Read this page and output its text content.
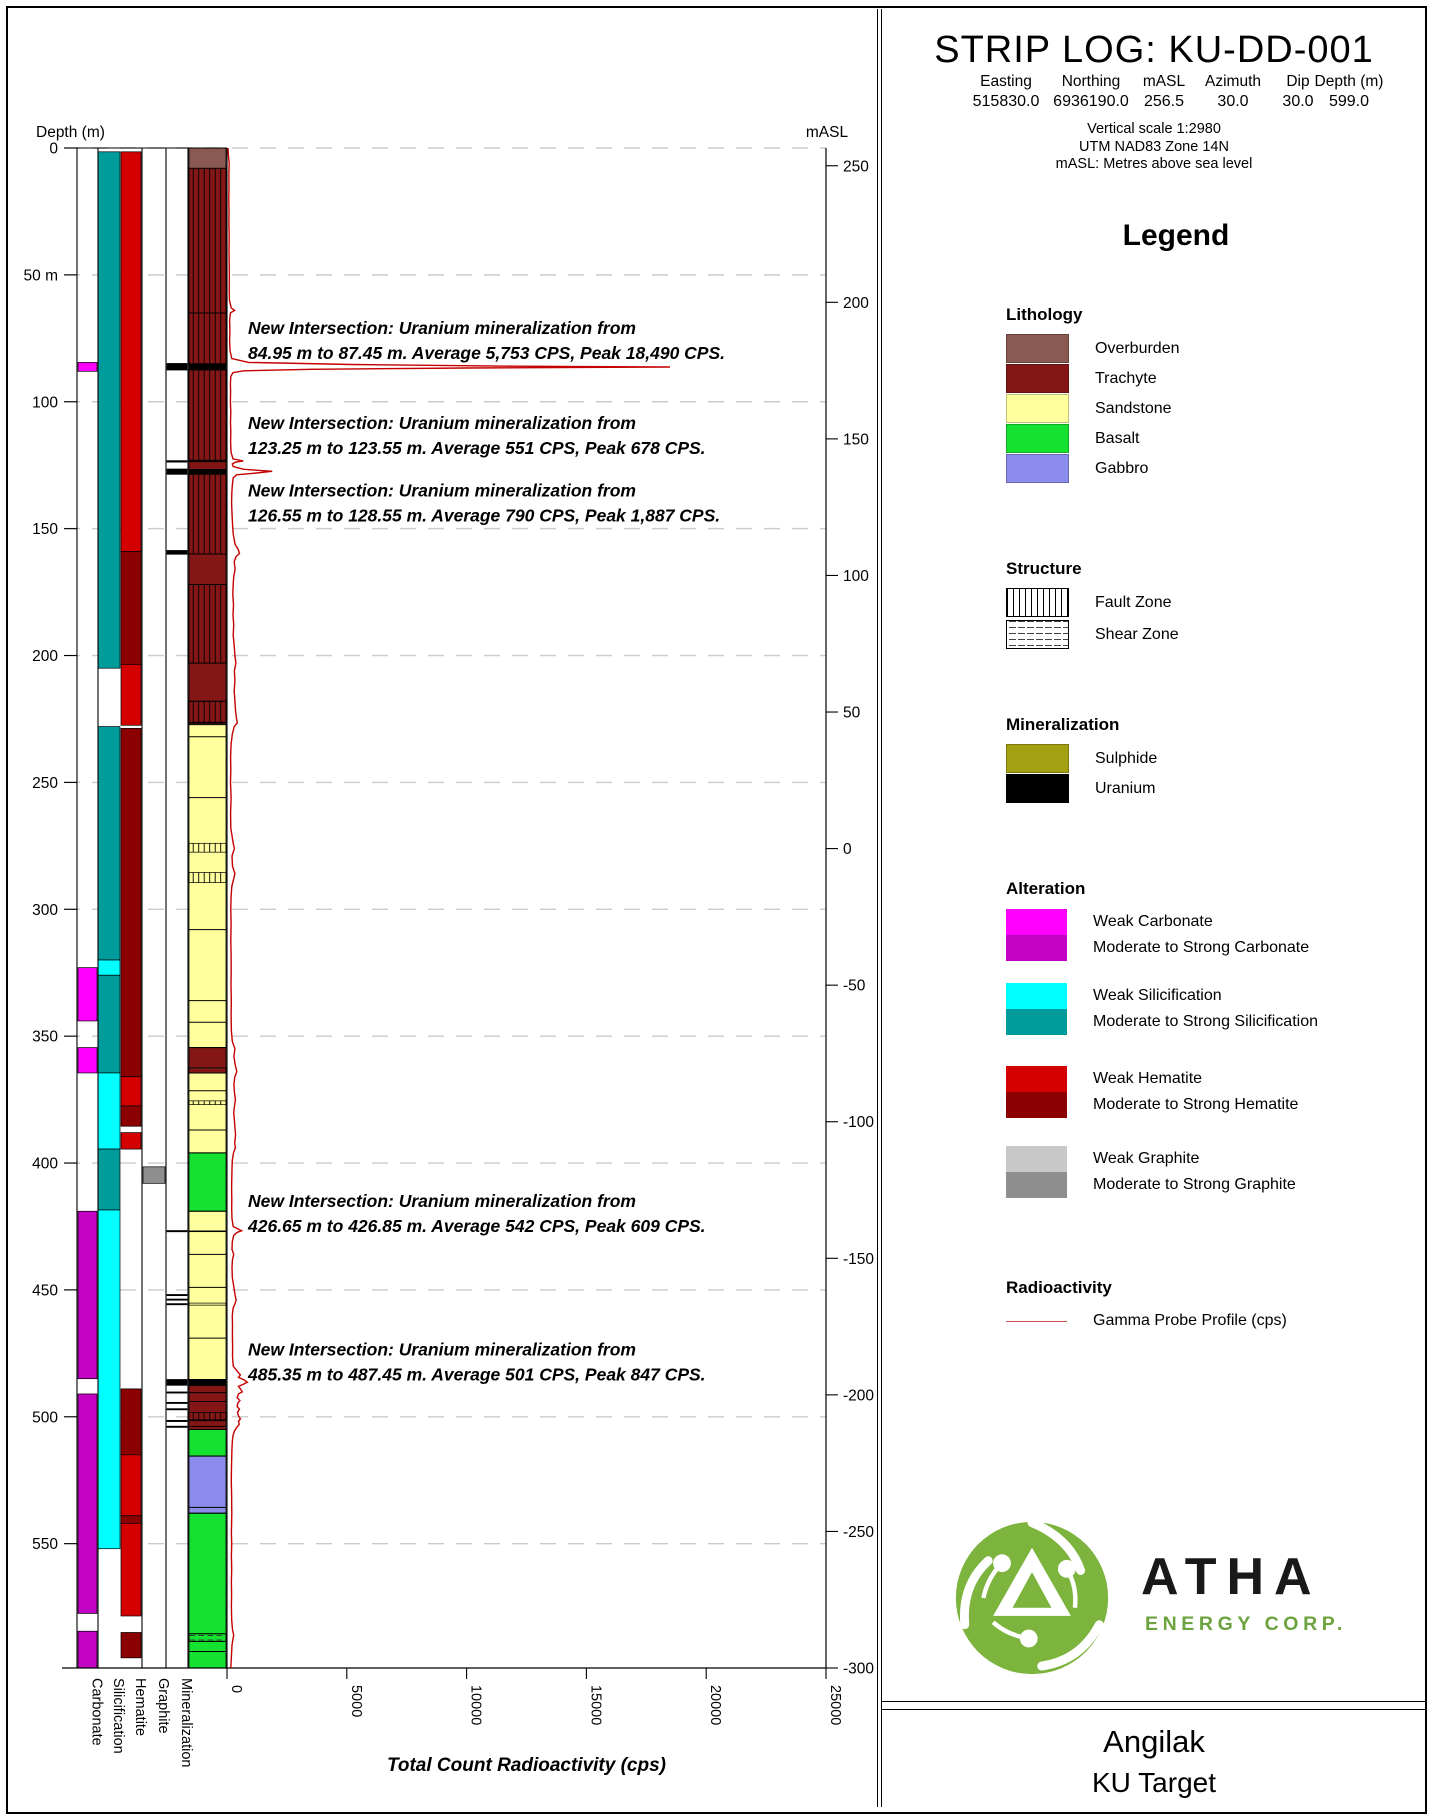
0
50 m
100
150
200
250
300
350
400
450
500
550
Depth (m)
250
200
150
100
50
0
-50
-100
-150
-200
-250
-300
mASL
0	5000	10000	15000	20000	25000
Total Count Radioactivity (cps)
Carbonate Silicification Hematite Graphite Mineralization
New Intersection: Uranium mineralization from 84.95 m to 87.45 m. Average 5,753 CPS, Peak 18,490 CPS.
New Intersection: Uranium mineralization from 123.25 m to 123.55 m. Average 551 CPS, Peak 678 CPS.
New Intersection: Uranium mineralization from 126.55 m to 128.55 m. Average 790 CPS, Peak 1,887 CPS.
New Intersection: Uranium mineralization from 426.65 m to 426.85 m. Average 542 CPS, Peak 609 CPS.
New Intersection: Uranium mineralization from 485.35 m to 487.45 m. Average 501 CPS, Peak 847 CPS.
STRIP LOG: KU-DD-001
Easting
515830.0
Northing
6936190.0
mASL
256.5
Azimuth
30.0
Dip
30.0
Depth (m)
599.0
Vertical scale 1:2980
UTM NAD83 Zone 14N
mASL: Metres above sea level
Legend
Lithology
Overburden
Trachyte
Sandstone
Basalt
Gabbro
Structure
Fault Zone
Shear Zone
Mineralization
Sulphide
Uranium
Alteration
Weak Carbonate
Moderate to Strong Carbonate
Weak Silicification
Moderate to Strong Silicification
Weak Hematite
Moderate to Strong Hematite
Weak Graphite
Moderate to Strong Graphite
Radioactivity
Gamma Probe Profile (cps)
ATHA
ENERGY CORP.
Angilak
KU Target
